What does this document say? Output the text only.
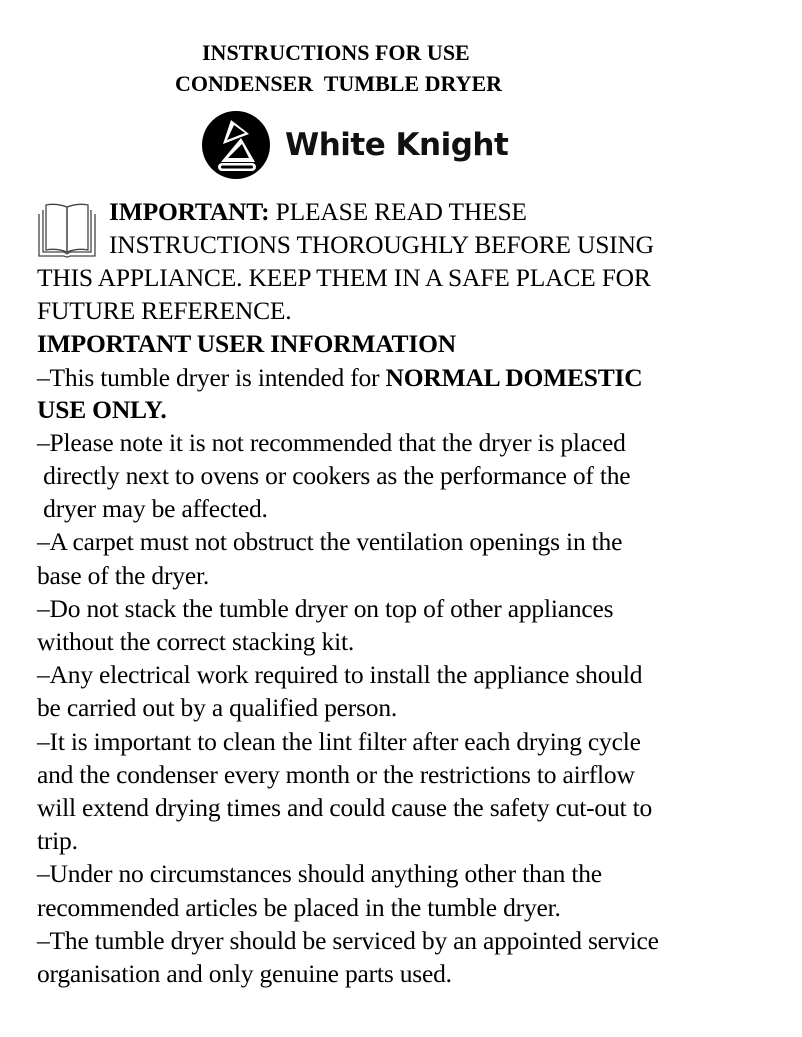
INSTRUCTIONS FOR USE
CONDENSER  TUMBLE DRYER
White Knight
IMPORTANT: PLEASE READ THESE
INSTRUCTIONS THOROUGHLY BEFORE USING
THIS APPLIANCE. KEEP THEM IN A SAFE PLACE FOR
FUTURE REFERENCE.
IMPORTANT USER INFORMATION
–This tumble dryer is intended for NORMAL DOMESTIC
USE ONLY.
–Please note it is not recommended that the dryer is placed
directly next to ovens or cookers as the performance of the
dryer may be affected.
–A carpet must not obstruct the ventilation openings in the
base of the dryer.
–Do not stack the tumble dryer on top of other appliances
without the correct stacking kit.
–Any electrical work required to install the appliance should
be carried out by a qualified person.
–It is important to clean the lint filter after each drying cycle
and the condenser every month or the restrictions to airflow
will extend drying times and could cause the safety cut-out to
trip.
–Under no circumstances should anything other than the
recommended articles be placed in the tumble dryer.
–The tumble dryer should be serviced by an appointed service
organisation and only genuine parts used.
